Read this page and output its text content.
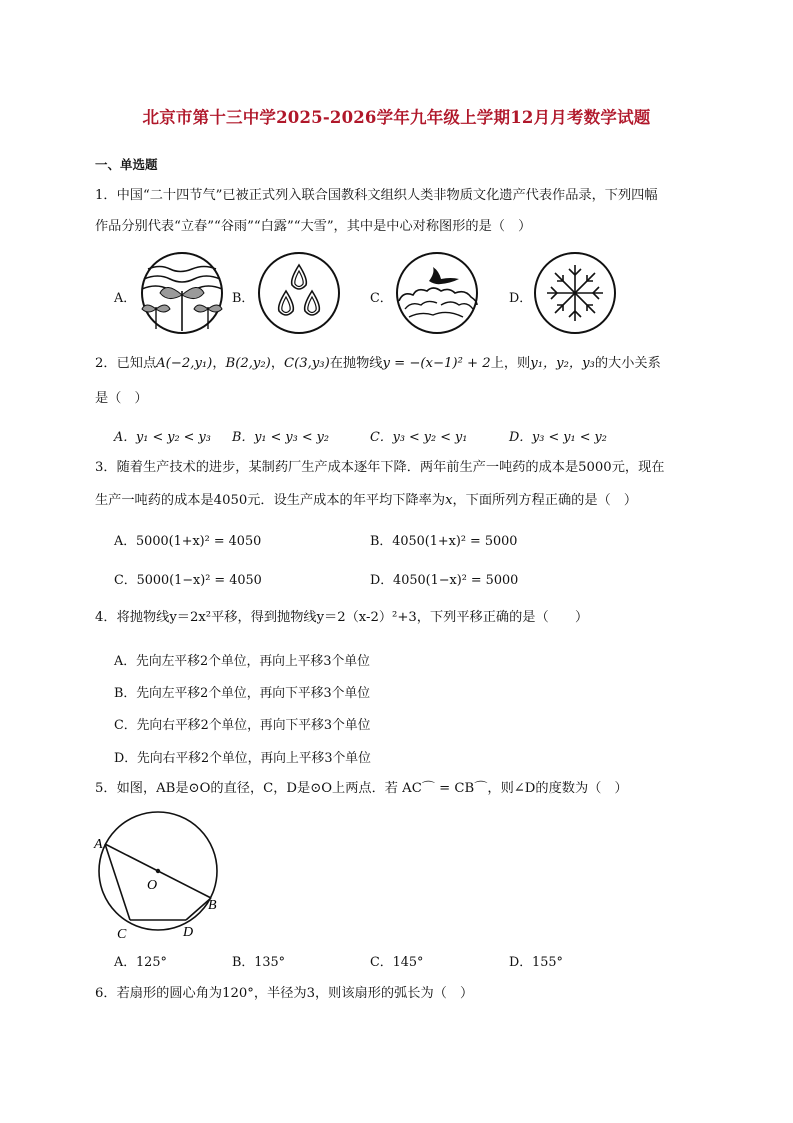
北京市第十三中学2025-2026学年九年级上学期12月月考数学试题
一、单选题
1．中国“二十四节气”已被正式列入联合国教科文组织人类非物质文化遗产代表作品录，下列四幅
作品分别代表“立春”“谷雨”“白露”“大雪”，其中是中心对称图形的是（　）
A．	B．	C．	D．
2．已知点A(−2,y₁)，B(2,y₂)，C(3,y₃)在抛物线y = −(x−1)² + 2上，则y₁，y₂，y₃的大小关系
是（　）
A．y₁ < y₂ < y₃ B．y₁ < y₃ < y₂	C．y₃ < y₂ < y₁	D．y₃ < y₁ < y₂
3．随着生产技术的进步，某制药厂生产成本逐年下降．两年前生产一吨药的成本是5000元，现在
生产一吨药的成本是4050元．设生产成本的年平均下降率为x，下面所列方程正确的是（　）
A．5000(1+x)² = 4050	B．4050(1+x)² = 5000
C．5000(1−x)² = 4050	D．4050(1−x)² = 5000
4．将抛物线y＝2x²平移，得到抛物线y＝2（x-2）²+3，下列平移正确的是（　　）
A．先向左平移2个单位，再向上平移3个单位
B．先向左平移2个单位，再向下平移3个单位
C．先向右平移2个单位，再向下平移3个单位
D．先向右平移2个单位，再向上平移3个单位
5．如图，AB是⊙O的直径，C，D是⊙O上两点．若 AC⌒ = CB⌒，则∠D的度数为（　）
A
O
B
C	D
A．125°	B．135°	C．145°	D．155°
6．若扇形的圆心角为120°，半径为3，则该扇形的弧长为（　）
